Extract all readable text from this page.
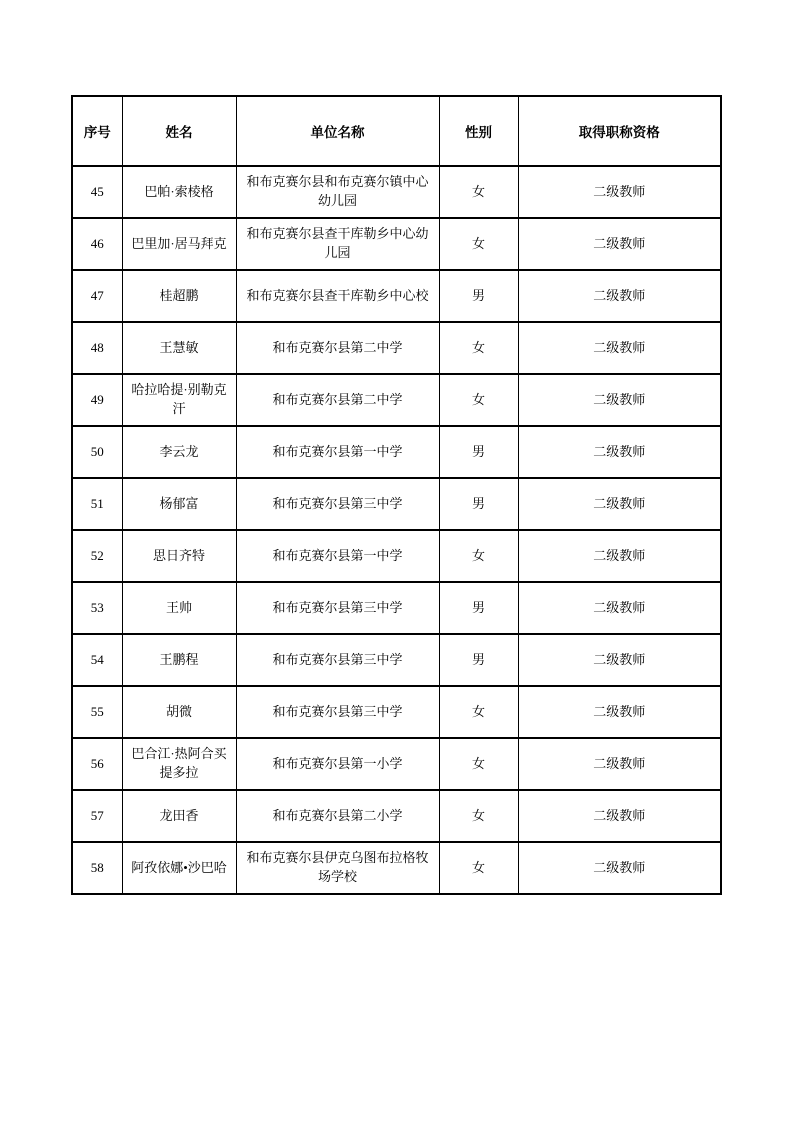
序号	姓名	单位名称	性别	取得职称资格
45	巴帕·索棱格	和布克赛尔县和布克赛尔镇中心幼儿园	女	二级教师
46	巴里加·居马拜克	和布克赛尔县查干库勒乡中心幼儿园	女	二级教师
47	桂超鹏	和布克赛尔县查干库勒乡中心校	男	二级教师
48	王慧敏	和布克赛尔县第二中学	女	二级教师
49	哈拉哈提·别勒克汗	和布克赛尔县第二中学	女	二级教师
50	李云龙	和布克赛尔县第一中学	男	二级教师
51	杨郁富	和布克赛尔县第三中学	男	二级教师
52	思日齐特	和布克赛尔县第一中学	女	二级教师
53	王帅	和布克赛尔县第三中学	男	二级教师
54	王鹏程	和布克赛尔县第三中学	男	二级教师
55	胡微	和布克赛尔县第三中学	女	二级教师
56	巴合江·热阿合买提多拉	和布克赛尔县第一小学	女	二级教师
57	龙田香	和布克赛尔县第二小学	女	二级教师
58	阿孜依娜•沙巴哈	和布克赛尔县伊克乌图布拉格牧场学校	女	二级教师
